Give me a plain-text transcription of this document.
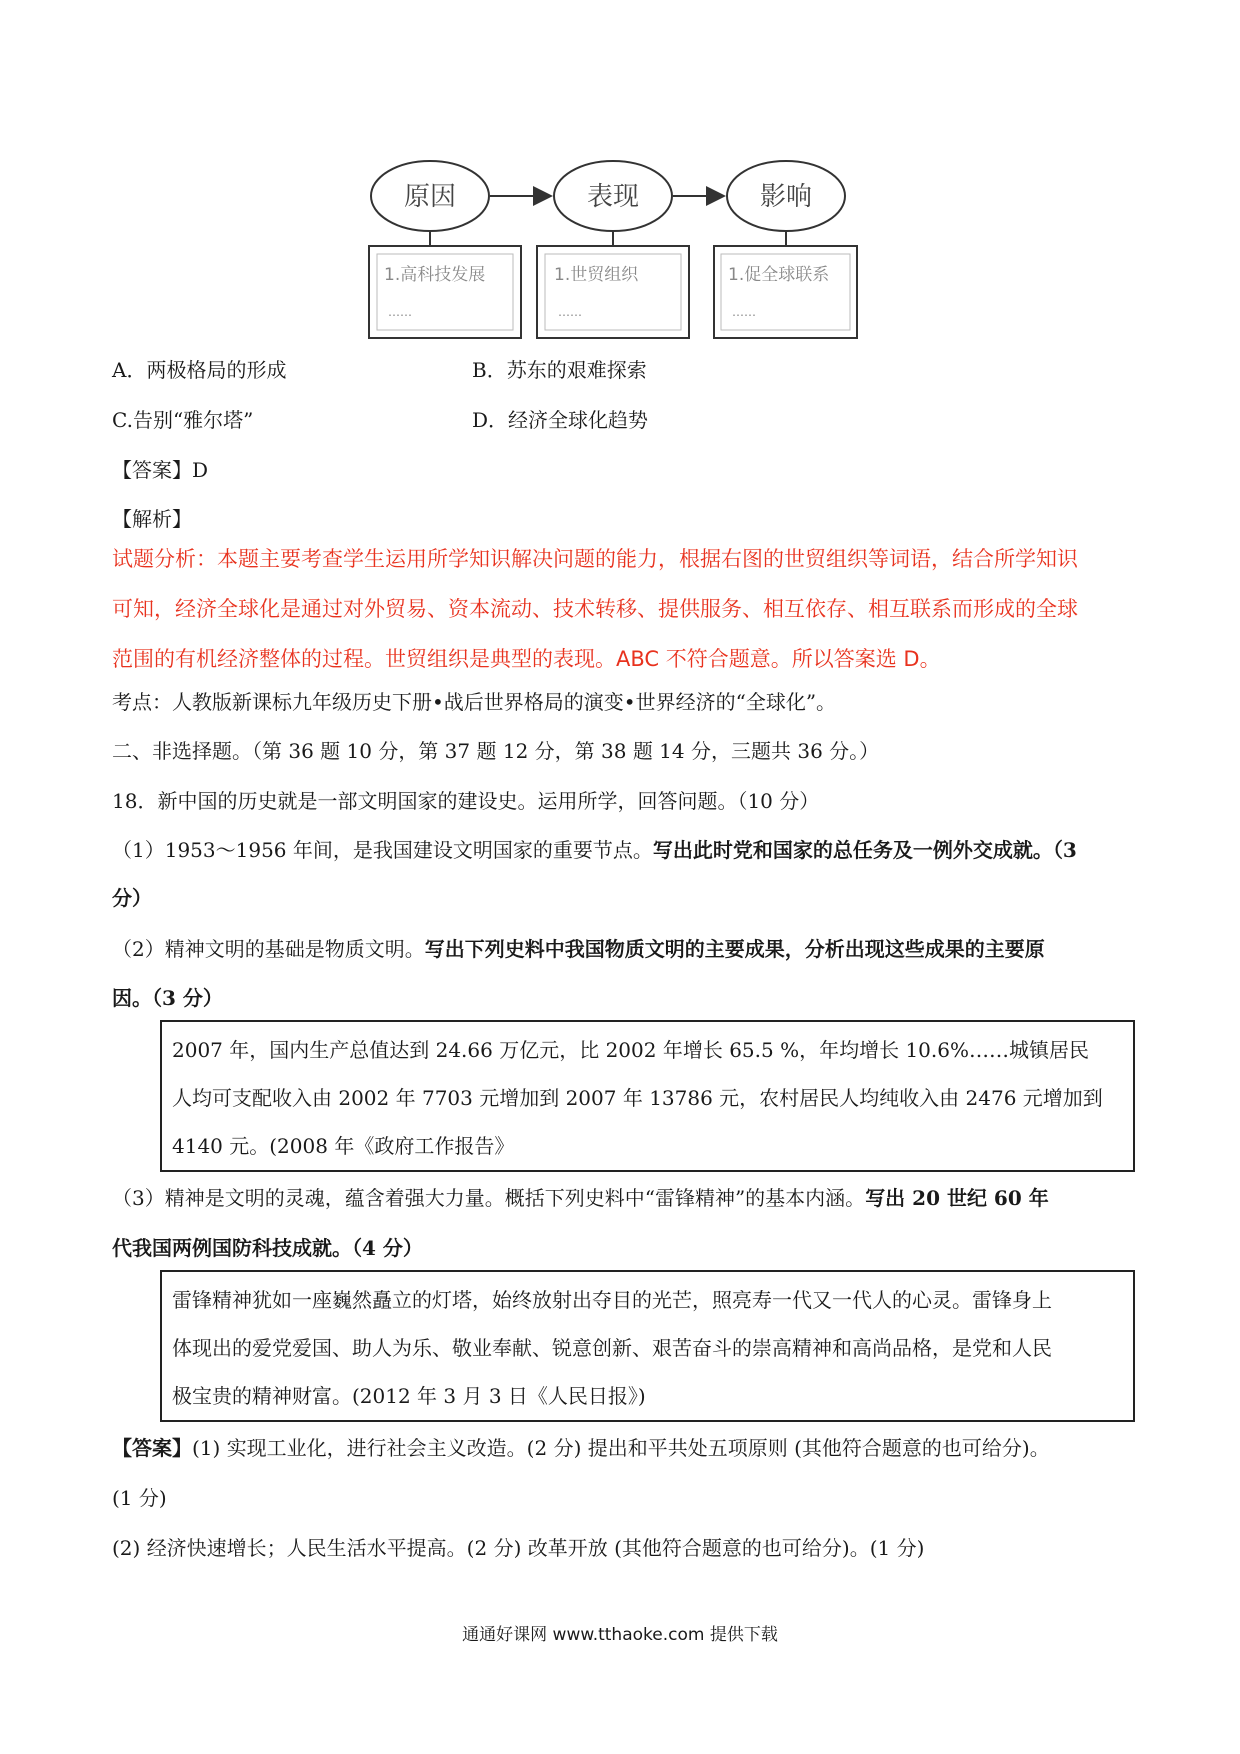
原因	表现	影响
1.高科技发展	1.世贸组织	1.促全球联系
……	……	……
A．两极格局的形成	B．苏东的艰难探索
C.告别“雅尔塔”	D．经济全球化趋势
【答案】D
【解析】
试题分析：本题主要考查学生运用所学知识解决问题的能力，根据右图的世贸组织等词语，结合所学知识
可知，经济全球化是通过对外贸易、资本流动、技术转移、提供服务、相互依存、相互联系而形成的全球
范围的有机经济整体的过程。世贸组织是典型的表现。ABC 不符合题意。所以答案选 D。
考点：人教版新课标九年级历史下册•战后世界格局的演变•世界经济的“全球化”。
二、非选择题。（第 36 题 10 分，第 37 题 12 分，第 38 题 14 分，三题共 36 分。）
18．新中国的历史就是一部文明国家的建设史。运用所学，回答问题。（10 分）
（1）1953～1956 年间，是我国建设文明国家的重要节点。写出此时党和国家的总任务及一例外交成就。（3
分）
（2）精神文明的基础是物质文明。写出下列史料中我国物质文明的主要成果，分析出现这些成果的主要原
因。（3 分）
2007 年，国内生产总值达到 24.66 万亿元，比 2002 年增长 65.5 %，年均增长 10.6%……城镇居民
人均可支配收入由 2002 年 7703 元增加到 2007 年 13786 元，农村居民人均纯收入由 2476 元增加到
4140 元。(2008 年《政府工作报告》
（3）精神是文明的灵魂，蕴含着强大力量。概括下列史料中“雷锋精神”的基本内涵。写出 20 世纪 60 年
代我国两例国防科技成就。（4 分）
雷锋精神犹如一座巍然矗立的灯塔，始终放射出夺目的光芒，照亮寿一代又一代人的心灵。雷锋身上
体现出的爱党爱国、助人为乐、敬业奉献、锐意创新、艰苦奋斗的崇高精神和高尚品格，是党和人民
极宝贵的精神财富。(2012 年 3 月 3 日《人民日报》)
【答案】(1) 实现工业化，进行社会主义改造。(2 分) 提出和平共处五项原则 (其他符合题意的也可给分)。
(1 分)
(2) 经济快速增长；人民生活水平提高。(2 分) 改革开放 (其他符合题意的也可给分)。(1 分)
通通好课网 www.tthaoke.com 提供下载
